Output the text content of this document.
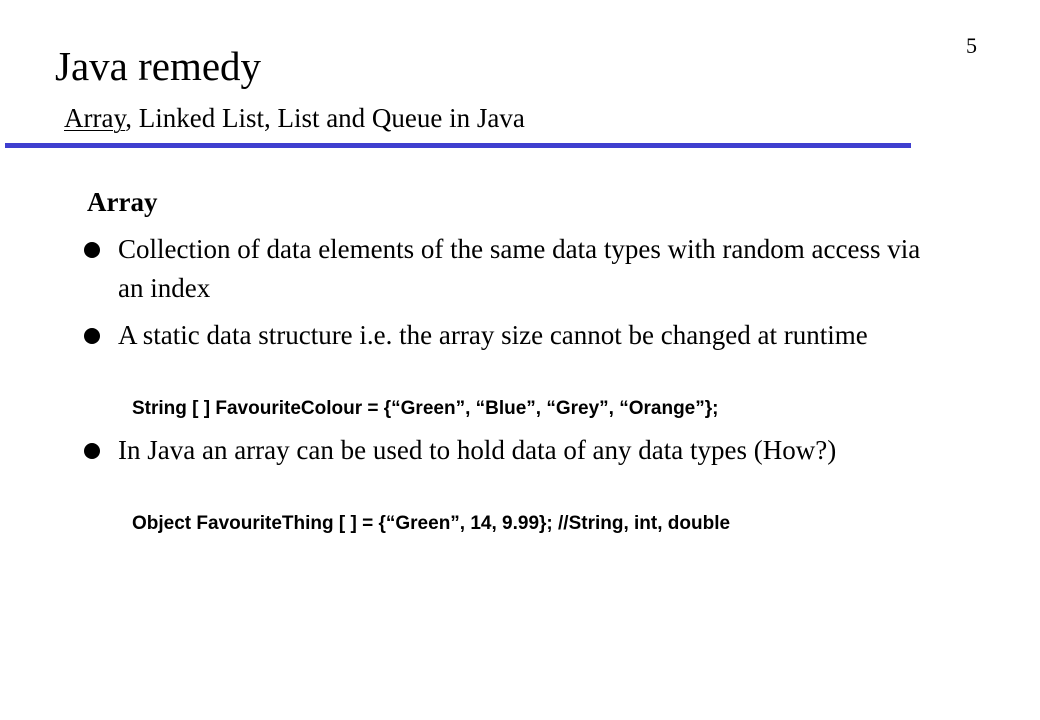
5
Java remedy
Array, Linked List, List and Queue in Java
Array

Collection of data elements of the same data types with random access via an index

A static data structure i.e. the array size cannot be changed at runtime

String [ ] FavouriteColour = {“Green”, “Blue”, “Grey”, “Orange”};

In Java an array can be used to hold data of any data types (How?)

Object FavouriteThing [ ] = {“Green”, 14, 9.99}; //String, int, double
